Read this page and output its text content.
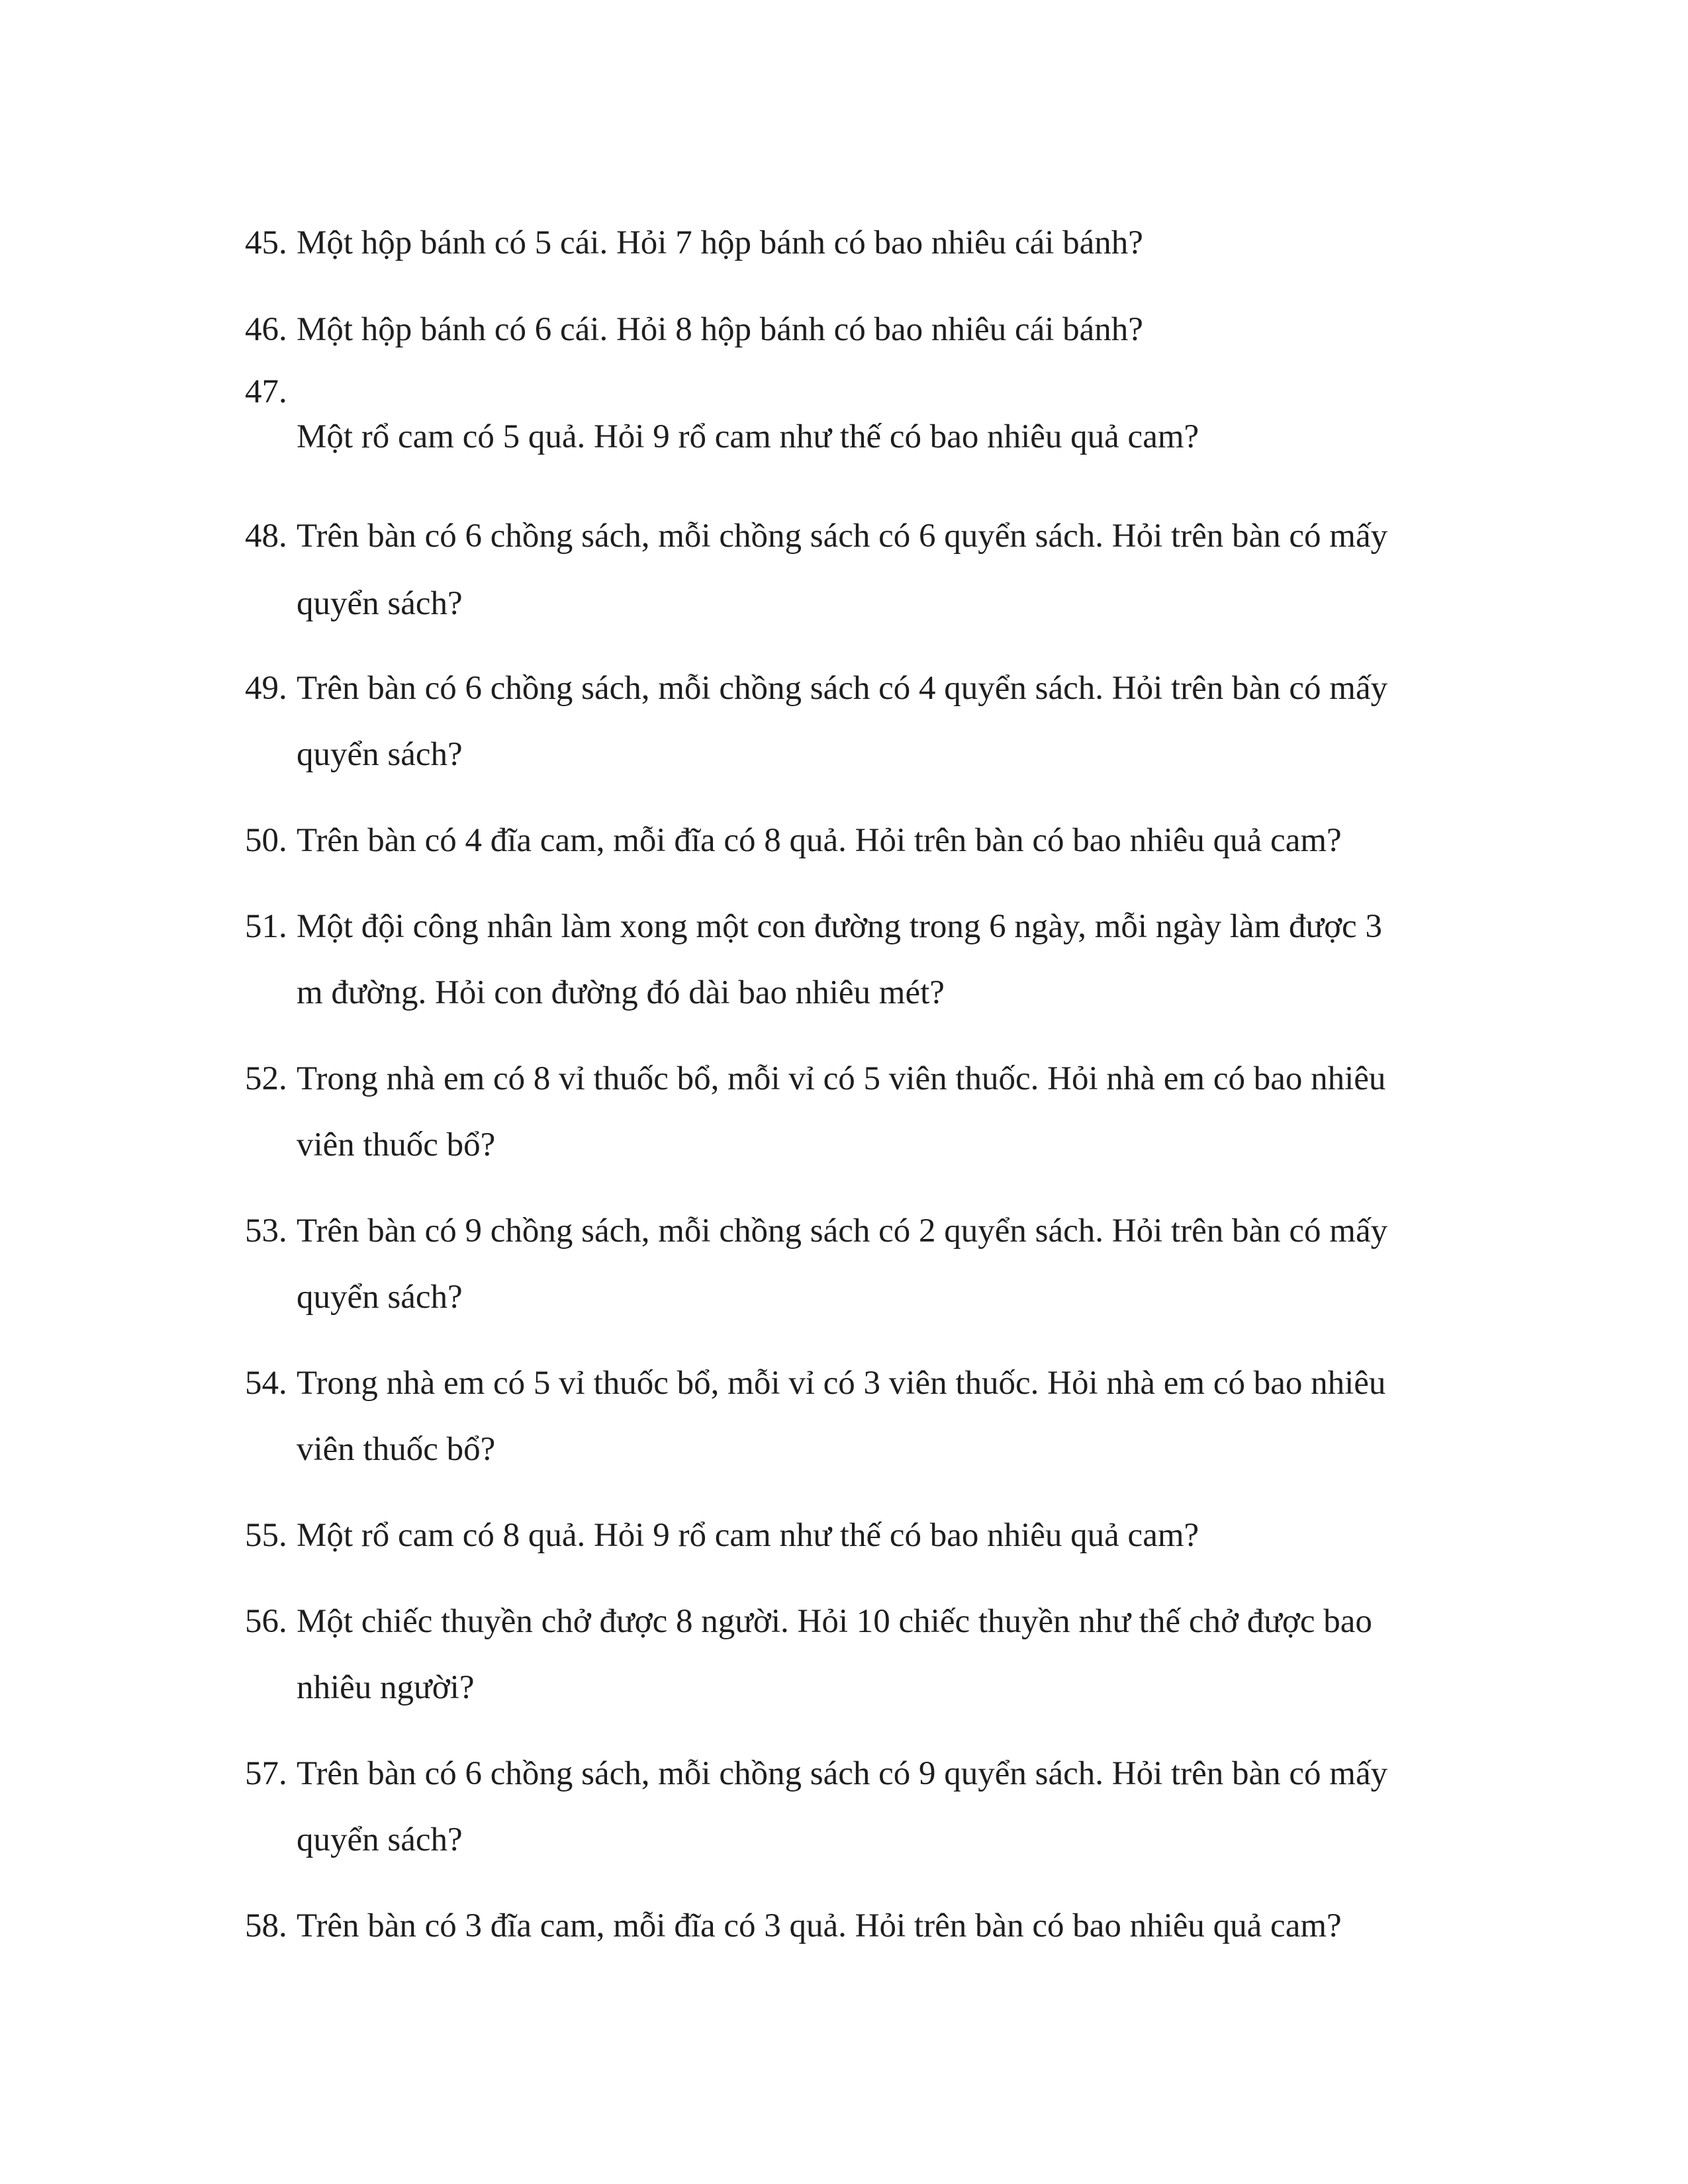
45. Một hộp bánh có 5 cái. Hỏi 7 hộp bánh có bao nhiêu cái bánh?
46. Một hộp bánh có 6 cái. Hỏi 8 hộp bánh có bao nhiêu cái bánh?
47.
Một rổ cam có 5 quả. Hỏi 9 rổ cam như thế có bao nhiêu quả cam?
48. Trên bàn có 6 chồng sách, mỗi chồng sách có 6 quyển sách. Hỏi trên bàn có mấy
quyển sách?
49. Trên bàn có 6 chồng sách, mỗi chồng sách có 4 quyển sách. Hỏi trên bàn có mấy
quyển sách?
50. Trên bàn có 4 đĩa cam, mỗi đĩa có 8 quả. Hỏi trên bàn có bao nhiêu quả cam?
51. Một đội công nhân làm xong một con đường trong 6 ngày, mỗi ngày làm được 3
m đường. Hỏi con đường đó dài bao nhiêu mét?
52. Trong nhà em có 8 vỉ thuốc bổ, mỗi vỉ có 5 viên thuốc. Hỏi nhà em có bao nhiêu
viên thuốc bổ?
53. Trên bàn có 9 chồng sách, mỗi chồng sách có 2 quyển sách. Hỏi trên bàn có mấy
quyển sách?
54. Trong nhà em có 5 vỉ thuốc bổ, mỗi vỉ có 3 viên thuốc. Hỏi nhà em có bao nhiêu
viên thuốc bổ?
55. Một rổ cam có 8 quả. Hỏi 9 rổ cam như thế có bao nhiêu quả cam?
56. Một chiếc thuyền chở được 8 người. Hỏi 10 chiếc thuyền như thế chở được bao
nhiêu người?
57. Trên bàn có 6 chồng sách, mỗi chồng sách có 9 quyển sách. Hỏi trên bàn có mấy
quyển sách?
58. Trên bàn có 3 đĩa cam, mỗi đĩa có 3 quả. Hỏi trên bàn có bao nhiêu quả cam?
